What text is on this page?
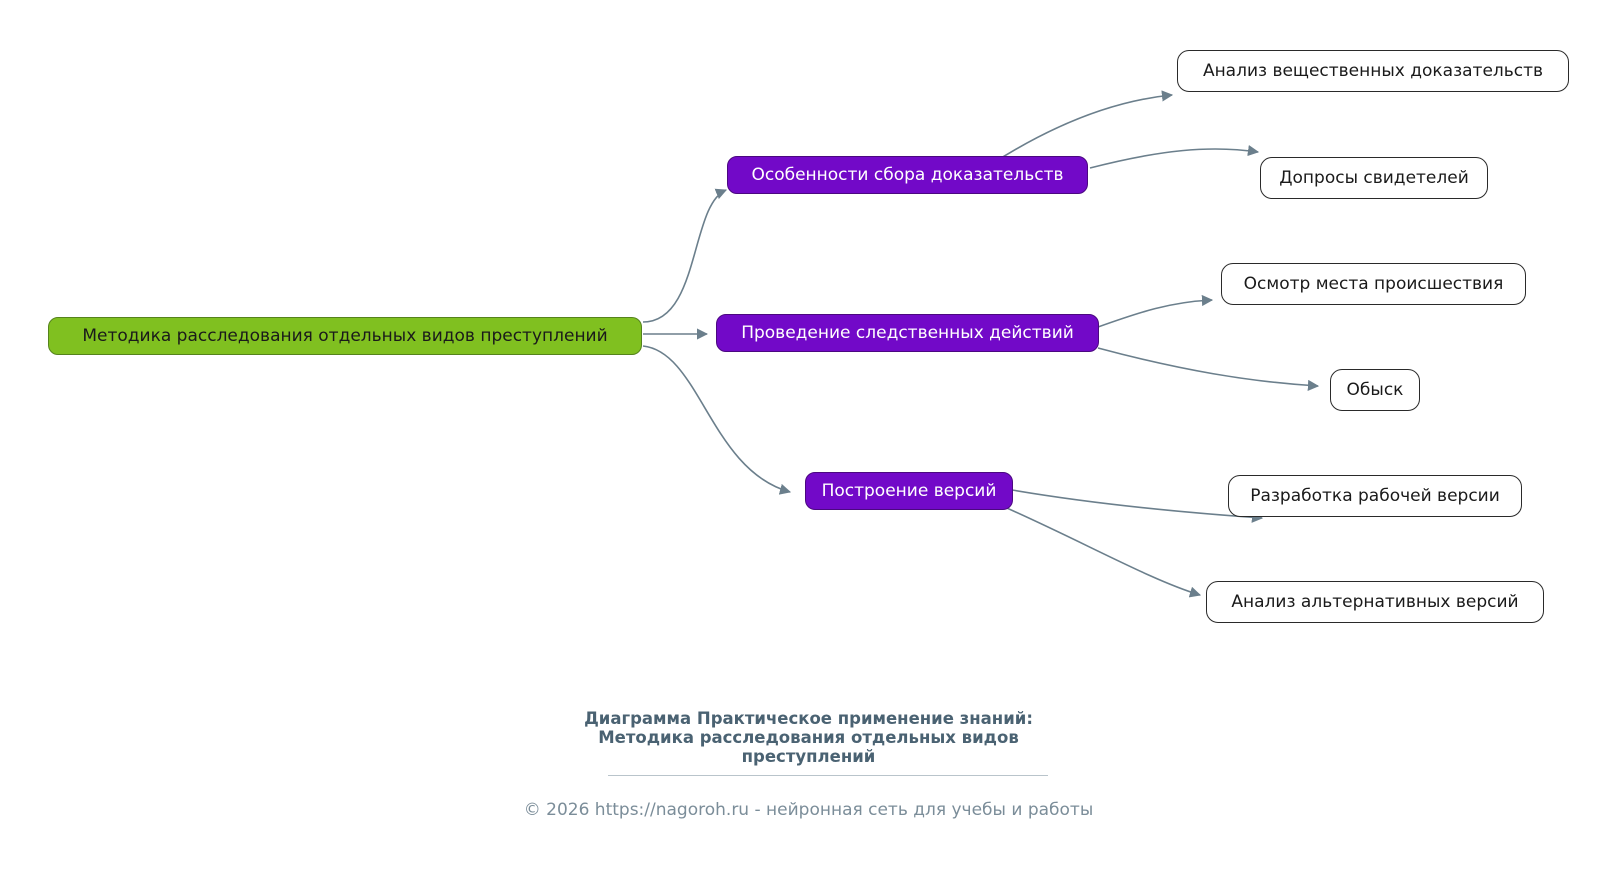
Методика расследования отдельных видов преступлений
Особенности сбора доказательств
Проведение следственных действий
Построение версий
Анализ вещественных доказательств
Допросы свидетелей
Осмотр места происшествия
Обыск
Разработка рабочей версии
Анализ альтернативных версий
Диаграмма Практическое применение знаний:
Методика расследования отдельных видов
преступлений
© 2026 https://nagoroh.ru - нейронная сеть для учебы и работы
